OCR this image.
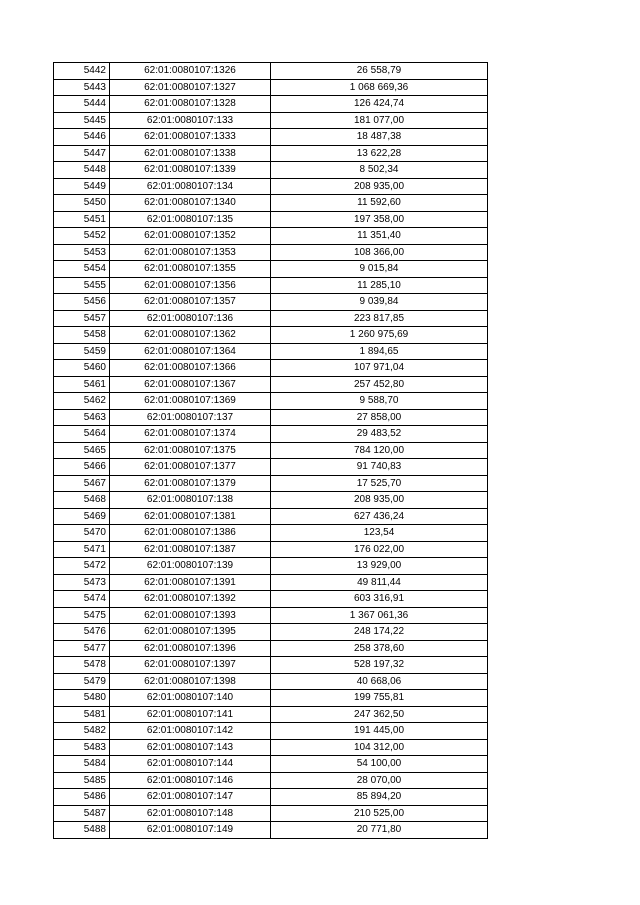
5442	62:01:0080107:1326	26 558,79
5443	62:01:0080107:1327	1 068 669,36
5444	62:01:0080107:1328	126 424,74
5445	62:01:0080107:133	181 077,00
5446	62:01:0080107:1333	18 487,38
5447	62:01:0080107:1338	13 622,28
5448	62:01:0080107:1339	8 502,34
5449	62:01:0080107:134	208 935,00
5450	62:01:0080107:1340	11 592,60
5451	62:01:0080107:135	197 358,00
5452	62:01:0080107:1352	11 351,40
5453	62:01:0080107:1353	108 366,00
5454	62:01:0080107:1355	9 015,84
5455	62:01:0080107:1356	11 285,10
5456	62:01:0080107:1357	9 039,84
5457	62:01:0080107:136	223 817,85
5458	62:01:0080107:1362	1 260 975,69
5459	62:01:0080107:1364	1 894,65
5460	62:01:0080107:1366	107 971,04
5461	62:01:0080107:1367	257 452,80
5462	62:01:0080107:1369	9 588,70
5463	62:01:0080107:137	27 858,00
5464	62:01:0080107:1374	29 483,52
5465	62:01:0080107:1375	784 120,00
5466	62:01:0080107:1377	91 740,83
5467	62:01:0080107:1379	17 525,70
5468	62:01:0080107:138	208 935,00
5469	62:01:0080107:1381	627 436,24
5470	62:01:0080107:1386	123,54
5471	62:01:0080107:1387	176 022,00
5472	62:01:0080107:139	13 929,00
5473	62:01:0080107:1391	49 811,44
5474	62:01:0080107:1392	603 316,91
5475	62:01:0080107:1393	1 367 061,36
5476	62:01:0080107:1395	248 174,22
5477	62:01:0080107:1396	258 378,60
5478	62:01:0080107:1397	528 197,32
5479	62:01:0080107:1398	40 668,06
5480	62:01:0080107:140	199 755,81
5481	62:01:0080107:141	247 362,50
5482	62:01:0080107:142	191 445,00
5483	62:01:0080107:143	104 312,00
5484	62:01:0080107:144	54 100,00
5485	62:01:0080107:146	28 070,00
5486	62:01:0080107:147	85 894,20
5487	62:01:0080107:148	210 525,00
5488	62:01:0080107:149	20 771,80
